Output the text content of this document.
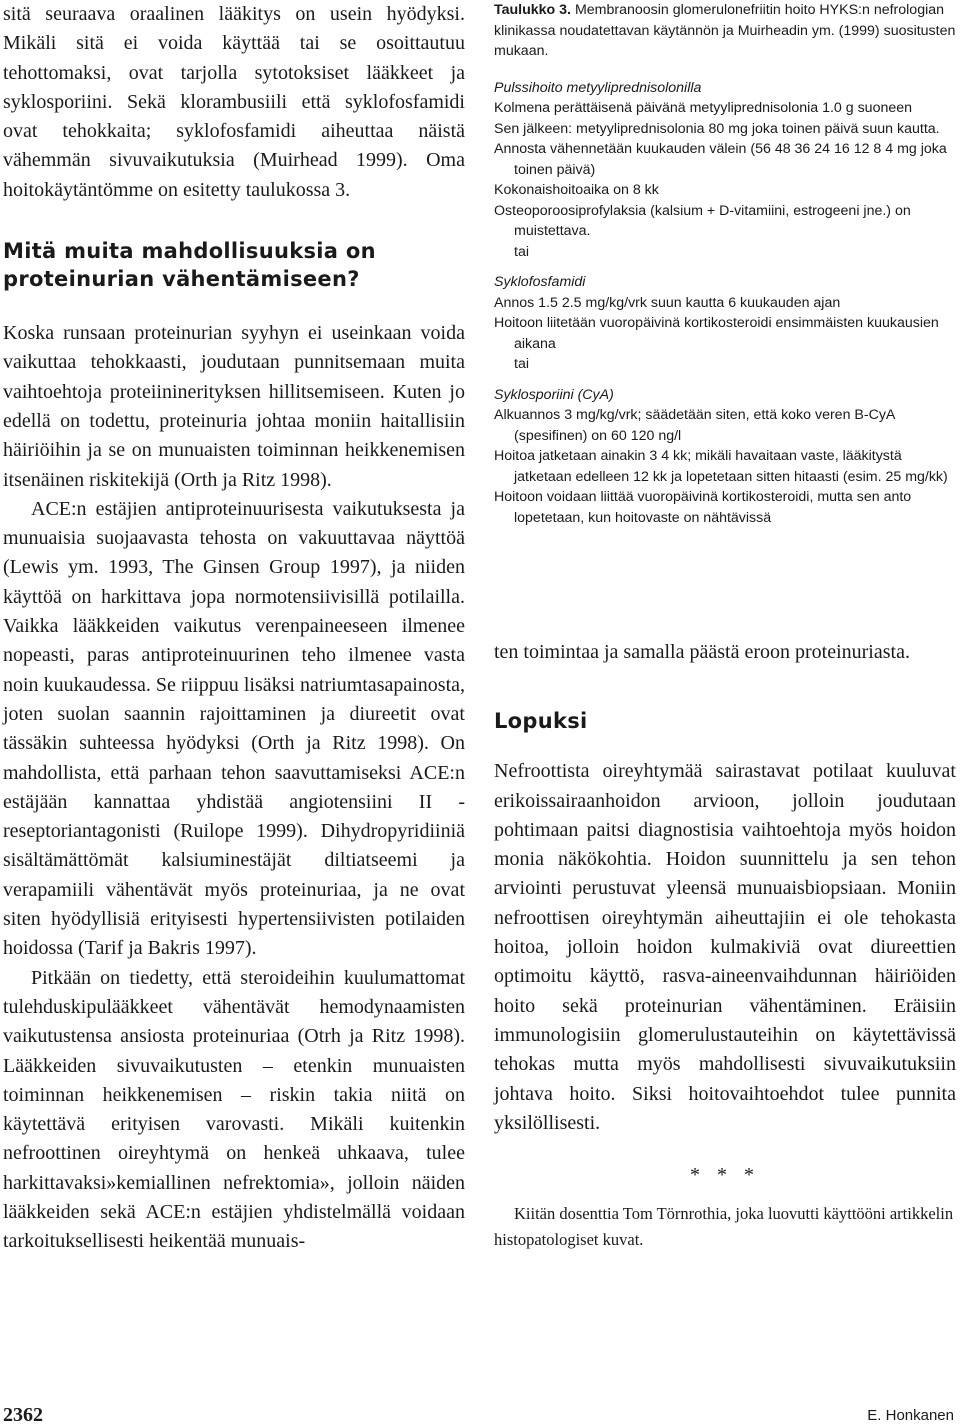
sitä seuraava oraalinen lääkitys on usein hyödyksi. Mikäli sitä ei voida käyttää tai se osoittautuu tehottomaksi, ovat tarjolla sytotoksiset lääkkeet ja syklosporiini. Sekä klorambusiili että syklofosfamidi ovat tehokkaita; syklofosfamidi aiheuttaa näistä vähemmän sivuvaikutuksia (Muirhead 1999). Oma hoitokäytäntömme on esitetty taulukossa 3.

Mitä muita mahdollisuuksia on proteinurian vähentämiseen?

Koska runsaan proteinurian syyhyn ei useinkaan voida vaikuttaa tehokkaasti, joudutaan punnitsemaan muita vaihtoehtoja proteiininerityksen hillitsemiseen. Kuten jo edellä on todettu, proteinuria johtaa moniin haitallisiin häiriöihin ja se on munuaisten toiminnan heikkenemisen itsenäinen riskitekijä (Orth ja Ritz 1998).

ACE:n estäjien antiproteinuurisesta vaikutuksesta ja munuaisia suojaavasta tehosta on vakuuttavaa näyttöä (Lewis ym. 1993, The Ginsen Group 1997), ja niiden käyttöä on harkittava jopa normotensiivisillä potilailla. Vaikka lääkkeiden vaikutus verenpaineeseen ilmenee nopeasti, paras antiproteinuurinen teho ilmenee vasta noin kuukaudessa. Se riippuu lisäksi natriumtasapainosta, joten suolan saannin rajoittaminen ja diureetit ovat tässäkin suhteessa hyödyksi (Orth ja Ritz 1998). On mahdollista, että parhaan tehon saavuttamiseksi ACE:n estäjään kannattaa yhdistää angiotensiini II -reseptoriantagonisti (Ruilope 1999). Dihydropyridiiniä sisältämättömät kalsiuminestäjät diltiatseemi ja verapamiili vähentävät myös proteinuriaa, ja ne ovat siten hyödyllisiä erityisesti hypertensiivisten potilaiden hoidossa (Tarif ja Bakris 1997).

Pitkään on tiedetty, että steroideihin kuulumattomat tulehduskipulääkkeet vähentävät hemodynaamisten vaikutustensa ansiosta proteinuriaa (Otrh ja Ritz 1998). Lääkkeiden sivuvaikutusten – etenkin munuaisten toiminnan heikkenemisen – riskin takia niitä on käytettävä erityisen varovasti. Mikäli kuitenkin nefroottinen oireyhtymä on henkeä uhkaava, tulee harkittavaksi»kemiallinen nefrektomia», jolloin näiden lääkkeiden sekä ACE:n estäjien yhdistelmällä voidaan tarkoituksellisesti heikentää munuais-

Taulukko 3. Membranoosin glomerulonefriitin hoito HYKS:n nefrologian klinikassa noudatettavan käytännön ja Muirheadin ym. (1999) suositusten mukaan.

Pulssihoito metyyliprednisolonilla
Kolmena perättäisenä päivänä metyyliprednisolonia 1.0 g suoneen
Sen jälkeen: metyyliprednisolonia 80 mg joka toinen päivä suun kautta.
Annosta vähennetään kuukauden välein (56 48 36 24 16 12 8 4 mg joka toinen päivä)
Kokonaishoitoaika on 8 kk
Osteoporoosiprofylaksia (kalsium + D-vitamiini, estrogeeni jne.) on muistettava.
tai
Syklofosfamidi
Annos 1.5 2.5 mg/kg/vrk suun kautta 6 kuukauden ajan
Hoitoon liitetään vuoropäivinä kortikosteroidi ensimmäisten kuukausien aikana
tai
Syklosporiini (CyA)
Alkuannos 3 mg/kg/vrk; säädetään siten, että koko veren B-CyA (spesifinen) on 60 120 ng/l
Hoitoa jatketaan ainakin 3 4 kk; mikäli havaitaan vaste, lääkitystä jatketaan edelleen 12 kk ja lopetetaan sitten hitaasti (esim. 25 mg/kk)
Hoitoon voidaan liittää vuoropäivinä kortikosteroidi, mutta sen anto lopetetaan, kun hoitovaste on nähtävissä

ten toimintaa ja samalla päästä eroon proteinuriasta.

Lopuksi

Nefroottista oireyhtymää sairastavat potilaat kuuluvat erikoissairaanhoidon arvioon, jolloin joudutaan pohtimaan paitsi diagnostisia vaihtoehtoja myös hoidon monia näkökohtia. Hoidon suunnittelu ja sen tehon arviointi perustuvat yleensä munuaisbiopsiaan. Moniin nefroottisen oireyhtymän aiheuttajiin ei ole tehokasta hoitoa, jolloin hoidon kulmakiviä ovat diureettien optimoitu käyttö, rasva-aineenvaihdunnan häiriöiden hoito sekä proteinurian vähentäminen. Eräisiin immunologisiin glomerulustauteihin on käytettävissä tehokas mutta myös mahdollisesti sivuvaikutuksiin johtava hoito. Siksi hoitovaihtoehdot tulee punnita yksilöllisesti.

* * *

Kiitän dosenttia Tom Törnrothia, joka luovutti käyttööni artikkelin histopatologiset kuvat.

2362	E. Honkanen
